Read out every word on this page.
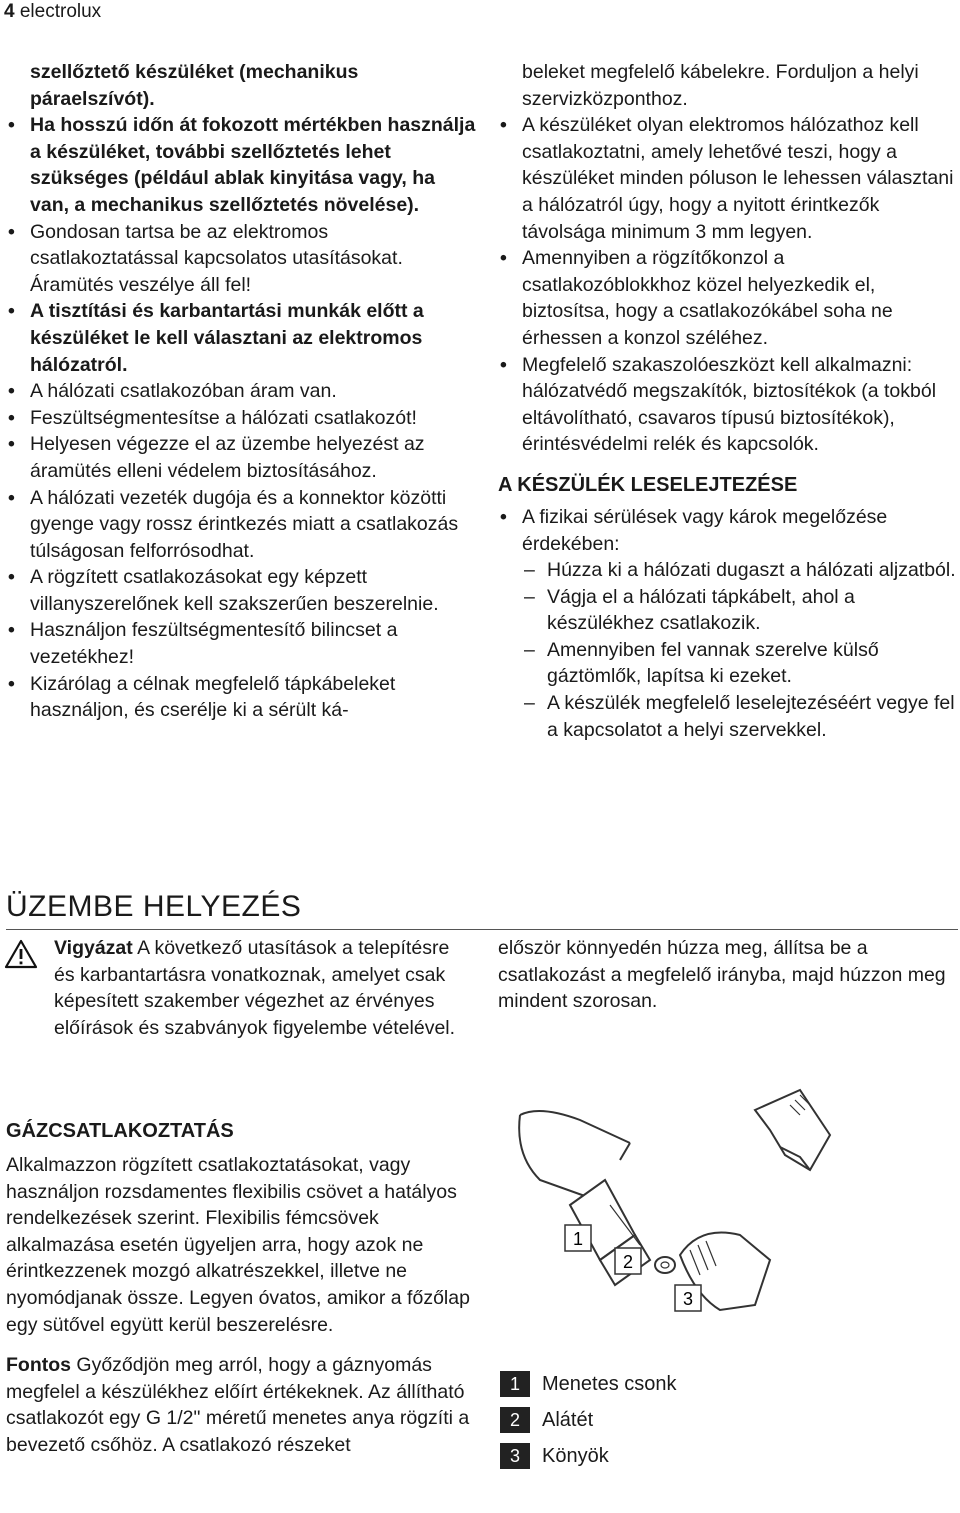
4 electrolux
szellőztető készüléket (mechanikus páraelszívót).
• Ha hosszú időn át fokozott mértékben használja a készüléket, további szellőztetés lehet szükséges (például ablak kinyitása vagy, ha van, a mechanikus szellőztetés növelése).
• Gondosan tartsa be az elektromos csatlakoztatással kapcsolatos utasításokat. Áramütés veszélye áll fel!
• A tisztítási és karbantartási munkák előtt a készüléket le kell választani az elektromos hálózatról.
• A hálózati csatlakozóban áram van.
• Feszültségmentesítse a hálózati csatlakozót!
• Helyesen végezze el az üzembe helyezést az áramütés elleni védelem biztosításához.
• A hálózati vezeték dugója és a konnektor közötti gyenge vagy rossz érintkezés miatt a csatlakozás túlságosan felforrósodhat.
• A rögzített csatlakozásokat egy képzett villanyszerelőnek kell szakszerűen beszerelnie.
• Használjon feszültségmentesítő bilincset a vezetékhez!
• Kizárólag a célnak megfelelő tápkábeleket használjon, és cserélje ki a sérült ká-
beleket megfelelő kábelekre. Forduljon a helyi szervizközponthoz.
• A készüléket olyan elektromos hálózathoz kell csatlakoztatni, amely lehetővé teszi, hogy a készüléket minden póluson le lehessen választani a hálózatról úgy, hogy a nyitott érintkezők távolsága minimum 3 mm legyen.
• Amennyiben a rögzítőkonzol a csatlakozóblokkhoz közel helyezkedik el, biztosítsa, hogy a csatlakozókábel soha ne érhessen a konzol széléhez.
• Megfelelő szakaszolóeszközt kell alkalmazni: hálózatvédő megszakítók, biztosítékok (a tokból eltávolítható, csavaros típusú biztosítékok), érintésvédelmi relék és kapcsolók.
A KÉSZÜLÉK LESELEJTEZÉSE
• A fizikai sérülések vagy károk megelőzése érdekében:
– Húzza ki a hálózati dugaszt a hálózati aljzatból.
– Vágja el a hálózati tápkábelt, ahol a készülékhez csatlakozik.
– Amennyiben fel vannak szerelve külső gáztömlők, lapítsa ki ezeket.
– A készülék megfelelő leselejtezéséért vegye fel a kapcsolatot a helyi szervekkel.
ÜZEMBE HELYEZÉS
Vigyázat A következő utasítások a telepítésre és karbantartásra vonatkoznak, amelyet csak képesített szakember végezhet az érvényes előírások és szabványok figyelembe vételével.
GÁZCSATLAKOZTATÁS

Alkalmazzon rögzített csatlakoztatásokat, vagy használjon rozsdamentes flexibilis csövet a hatályos rendelkezések szerint. Flexibilis fémcsövek alkalmazása esetén ügyeljen arra, hogy azok ne érintkezzenek mozgó alkatrészekkel, illetve ne nyomódjanak össze. Legyen óvatos, amikor a főzőlap egy sütővel együtt kerül beszerelésre.

Fontos Győződjön meg arról, hogy a gáznyomás megfelel a készülékhez előírt értékeknek. Az állítható csatlakozót egy G 1/2" méretű menetes anya rögzíti a bevezető csőhöz. A csatlakozó részeket

először könnyedén húzza meg, állítsa be a csatlakozást a megfelelő irányba, majd húzzon meg mindent szorosan.
1
2
3
1	Menetes csonk
2	Alátét
3	Könyök
